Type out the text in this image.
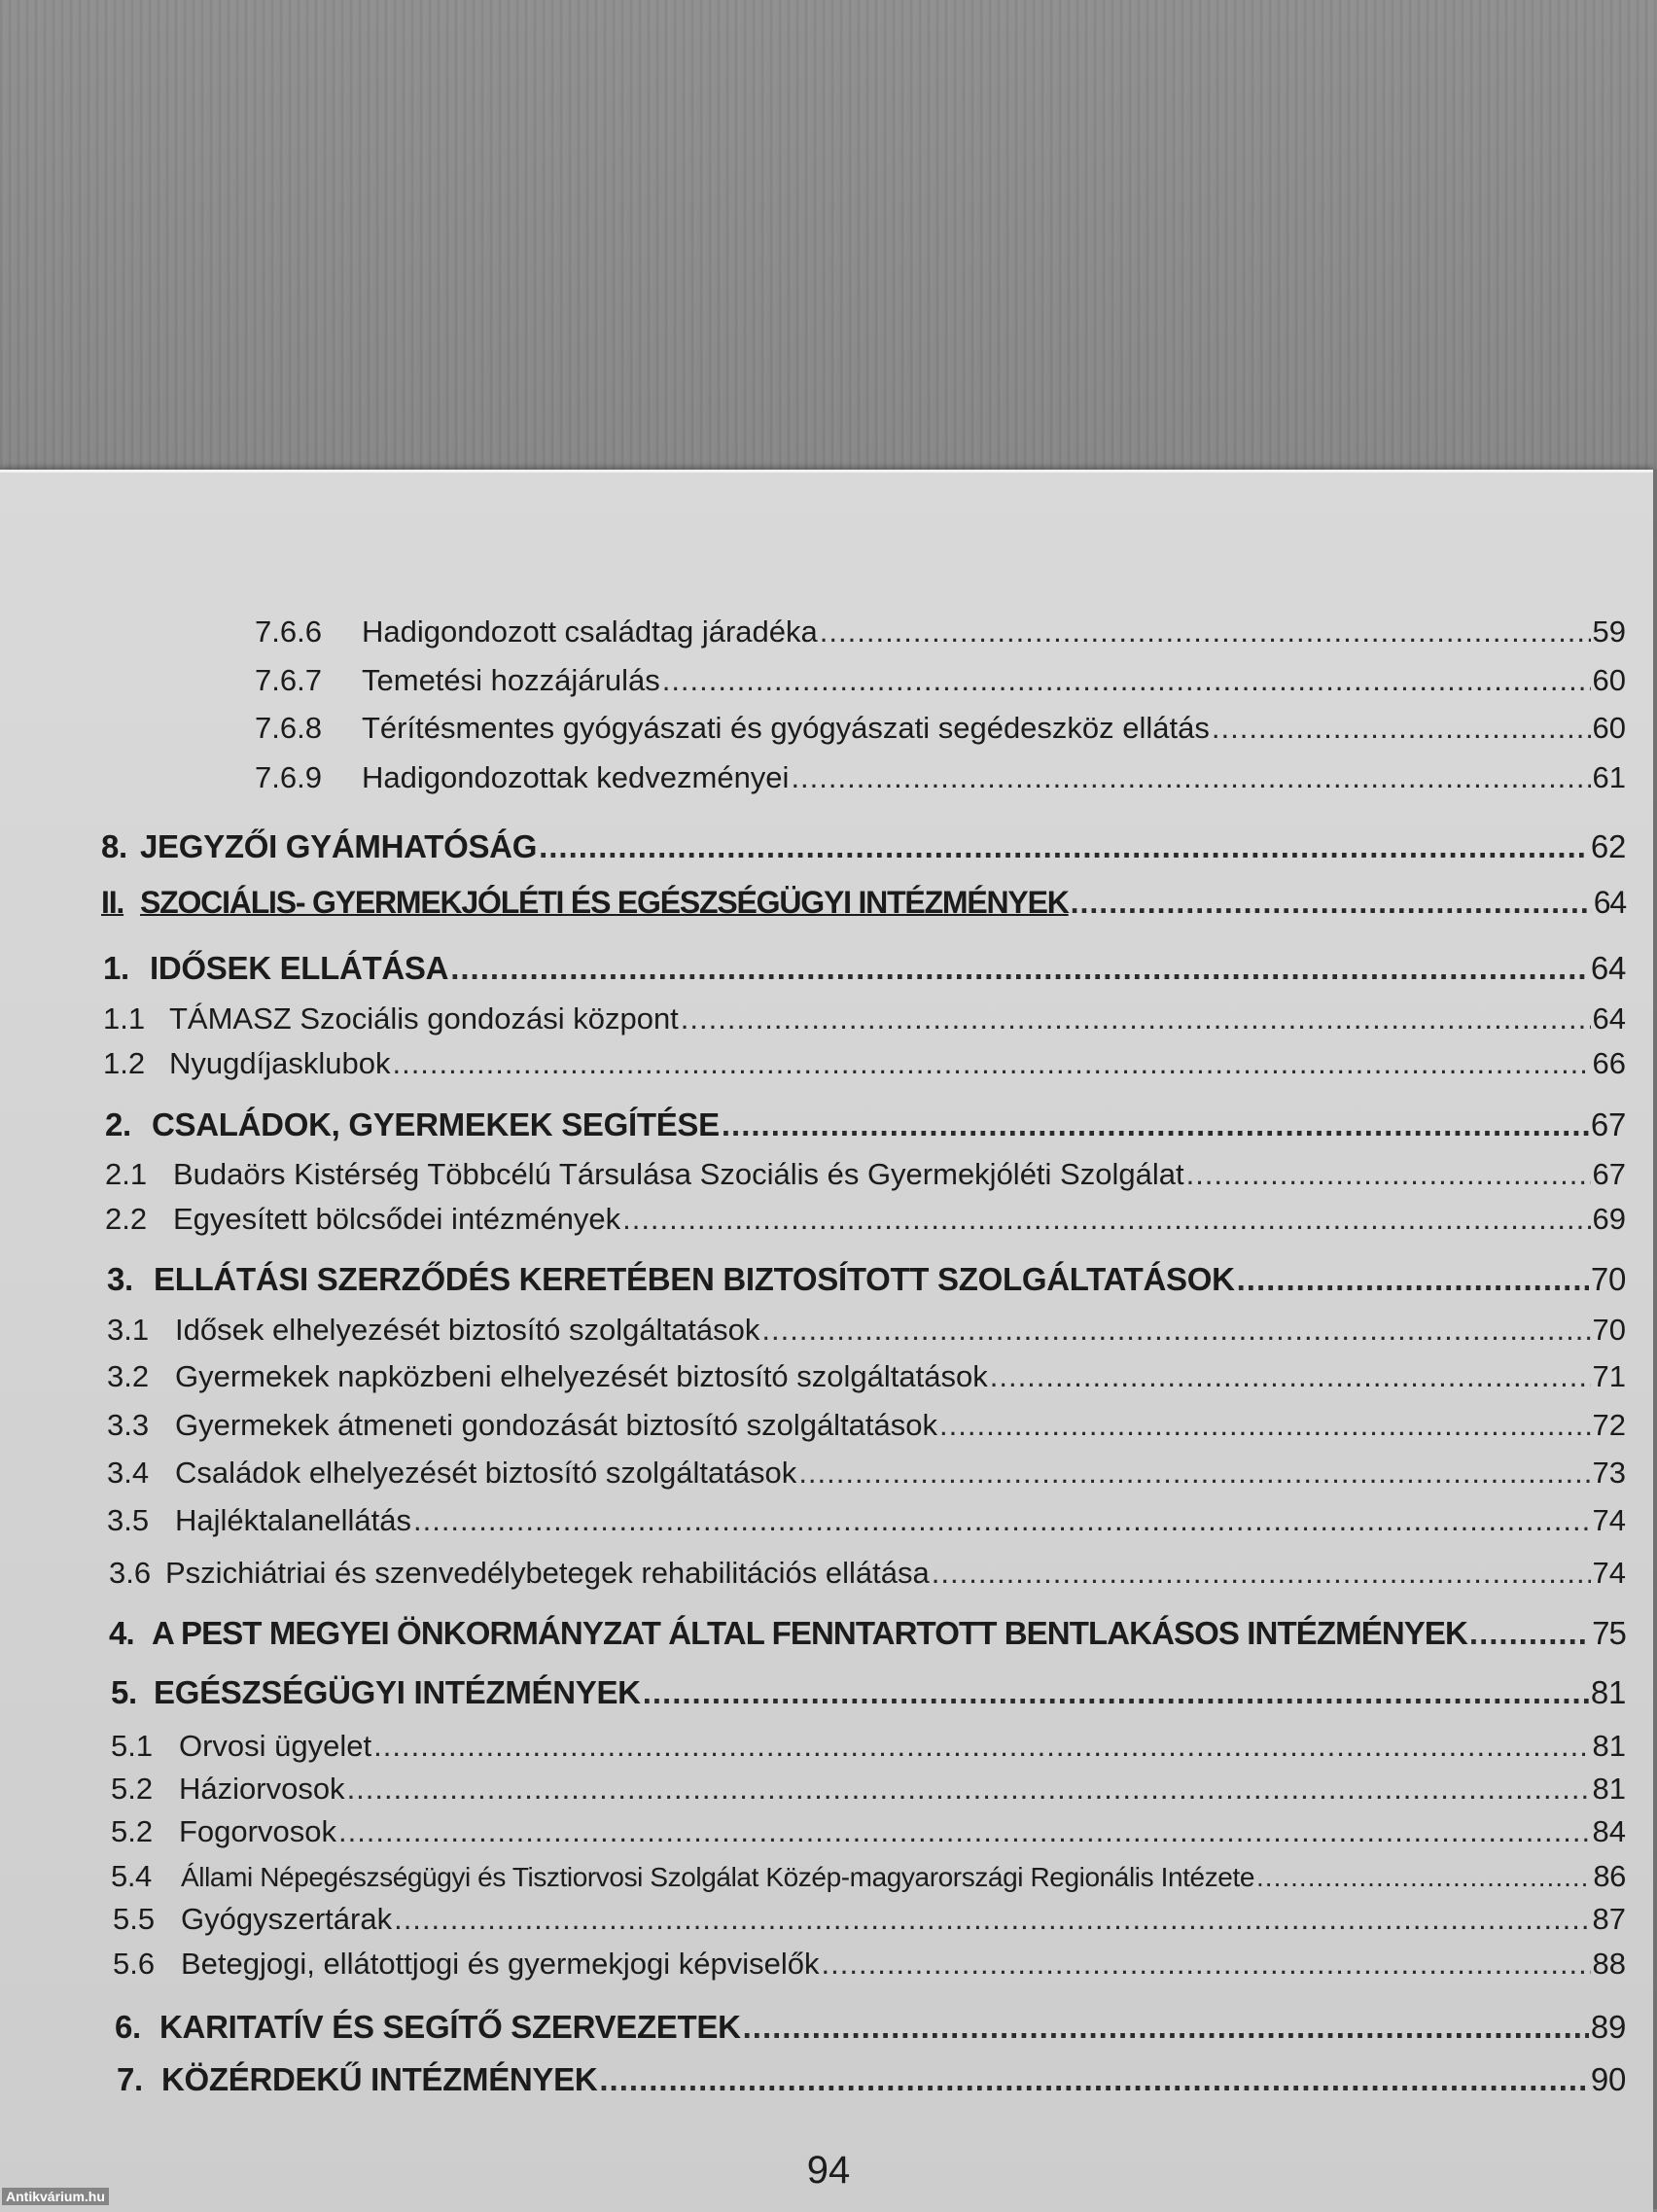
7.6.6	Hadigondozott családtag járadéka .....	59
7.6.7	Temetési hozzájárulás .....	60
7.6.8	Térítésmentes gyógyászati és gyógyászati segédeszköz ellátás .....	60
7.6.9	Hadigondozottak kedvezményei .....	61
8. JEGYZŐI GYÁMHATÓSÁG .....	62
II. SZOCIÁLIS- GYERMEKJÓLÉTI ÉS EGÉSZSÉGÜGYI INTÉZMÉNYEK .....	64
1. IDŐSEK ELLÁTÁSA .....	64
1.1 TÁMASZ Szociális gondozási központ .....	64
1.2 Nyugdíjasklubok .....	66
2. CSALÁDOK, GYERMEKEK SEGÍTÉSE .....	67
2.1 Budaörs Kistérség Többcélú Társulása Szociális és Gyermekjóléti Szolgálat .....	67
2.2 Egyesített bölcsődei intézmények .....	69
3. ELLÁTÁSI SZERZŐDÉS KERETÉBEN BIZTOSÍTOTT SZOLGÁLTATÁSOK .....	70
3.1 Idősek elhelyezését biztosító szolgáltatások .....	70
3.2 Gyermekek napközbeni elhelyezését biztosító szolgáltatások .....	71
3.3 Gyermekek átmeneti gondozását biztosító szolgáltatások .....	72
3.4 Családok elhelyezését biztosító szolgáltatások .....	73
3.5 Hajléktalanellátás .....	74
3.6 Pszichiátriai és szenvedélybetegek rehabilitációs ellátása .....	74
4. A PEST MEGYEI ÖNKORMÁNYZAT ÁLTAL FENNTARTOTT BENTLAKÁSOS INTÉZMÉNYEK .....	75
5. EGÉSZSÉGÜGYI INTÉZMÉNYEK .....	81
5.1 Orvosi ügyelet .....	81
5.2 Háziorvosok .....	81
5.2 Fogorvosok .....	84
5.4	Állami Népegészségügyi és Tisztiorvosi Szolgálat Közép-magyarországi Regionális Intézete .....	86
5.5 Gyógyszertárak .....	87
5.6 Betegjogi, ellátottjogi és gyermekjogi képviselők .....	88
6. KARITATÍV ÉS SEGÍTŐ SZERVEZETEK .....	89
7. KÖZÉRDEKŰ INTÉZMÉNYEK .....	90
94
Antikvárium.hu
